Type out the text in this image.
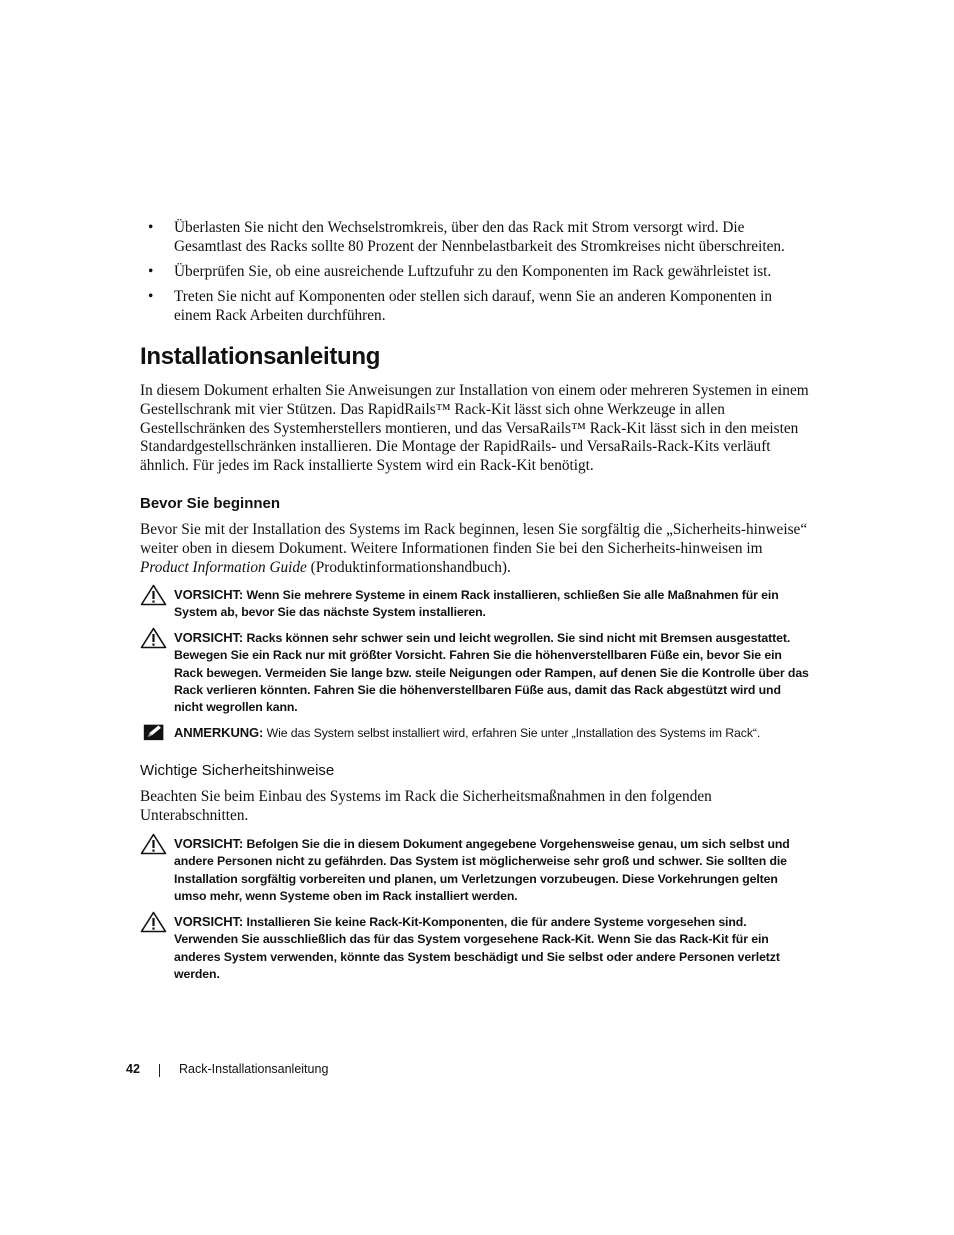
• Überlasten Sie nicht den Wechselstromkreis, über den das Rack mit Strom versorgt wird. Die Gesamtlast des Racks sollte 80 Prozent der Nennbelastbarkeit des Stromkreises nicht überschreiten.
• Überprüfen Sie, ob eine ausreichende Luftzufuhr zu den Komponenten im Rack gewährleistet ist.
• Treten Sie nicht auf Komponenten oder stellen sich darauf, wenn Sie an anderen Komponenten in einem Rack Arbeiten durchführen.
Installationsanleitung

In diesem Dokument erhalten Sie Anweisungen zur Installation von einem oder mehreren Systemen in einem Gestellschrank mit vier Stützen. Das RapidRails™ Rack-Kit lässt sich ohne Werkzeuge in allen Gestellschränken des Systemherstellers montieren, und das VersaRails™ Rack-Kit lässt sich in den meisten Standardgestellschränken installieren. Die Montage der RapidRails- und VersaRails-Rack-Kits verläuft ähnlich. Für jedes im Rack installierte System wird ein Rack-Kit benötigt.

Bevor Sie beginnen

Bevor Sie mit der Installation des Systems im Rack beginnen, lesen Sie sorgfältig die „Sicherheits-hinweise“ weiter oben in diesem Dokument. Weitere Informationen finden Sie bei den Sicherheits-hinweisen im Product Information Guide (Produktinformationshandbuch).

VORSICHT: Wenn Sie mehrere Systeme in einem Rack installieren, schließen Sie alle Maßnahmen für ein System ab, bevor Sie das nächste System installieren.
VORSICHT: Racks können sehr schwer sein und leicht wegrollen. Sie sind nicht mit Bremsen ausgestattet. Bewegen Sie ein Rack nur mit größter Vorsicht. Fahren Sie die höhenverstellbaren Füße ein, bevor Sie ein Rack bewegen. Vermeiden Sie lange bzw. steile Neigungen oder Rampen, auf denen Sie die Kontrolle über das Rack verlieren könnten. Fahren Sie die höhenverstellbaren Füße aus, damit das Rack abgestützt wird und nicht wegrollen kann.
ANMERKUNG: Wie das System selbst installiert wird, erfahren Sie unter „Installation des Systems im Rack“.
Wichtige Sicherheitshinweise

Beachten Sie beim Einbau des Systems im Rack die Sicherheitsmaßnahmen in den folgenden Unterabschnitten.

VORSICHT: Befolgen Sie die in diesem Dokument angegebene Vorgehensweise genau, um sich selbst und andere Personen nicht zu gefährden. Das System ist möglicherweise sehr groß und schwer. Sie sollten die Installation sorgfältig vorbereiten und planen, um Verletzungen vorzubeugen. Diese Vorkehrungen gelten umso mehr, wenn Systeme oben im Rack installiert werden.
VORSICHT: Installieren Sie keine Rack-Kit-Komponenten, die für andere Systeme vorgesehen sind. Verwenden Sie ausschließlich das für das System vorgesehene Rack-Kit. Wenn Sie das Rack-Kit für ein anderes System verwenden, könnte das System beschädigt und Sie selbst oder andere Personen verletzt werden.
42	Rack-Installationsanleitung
